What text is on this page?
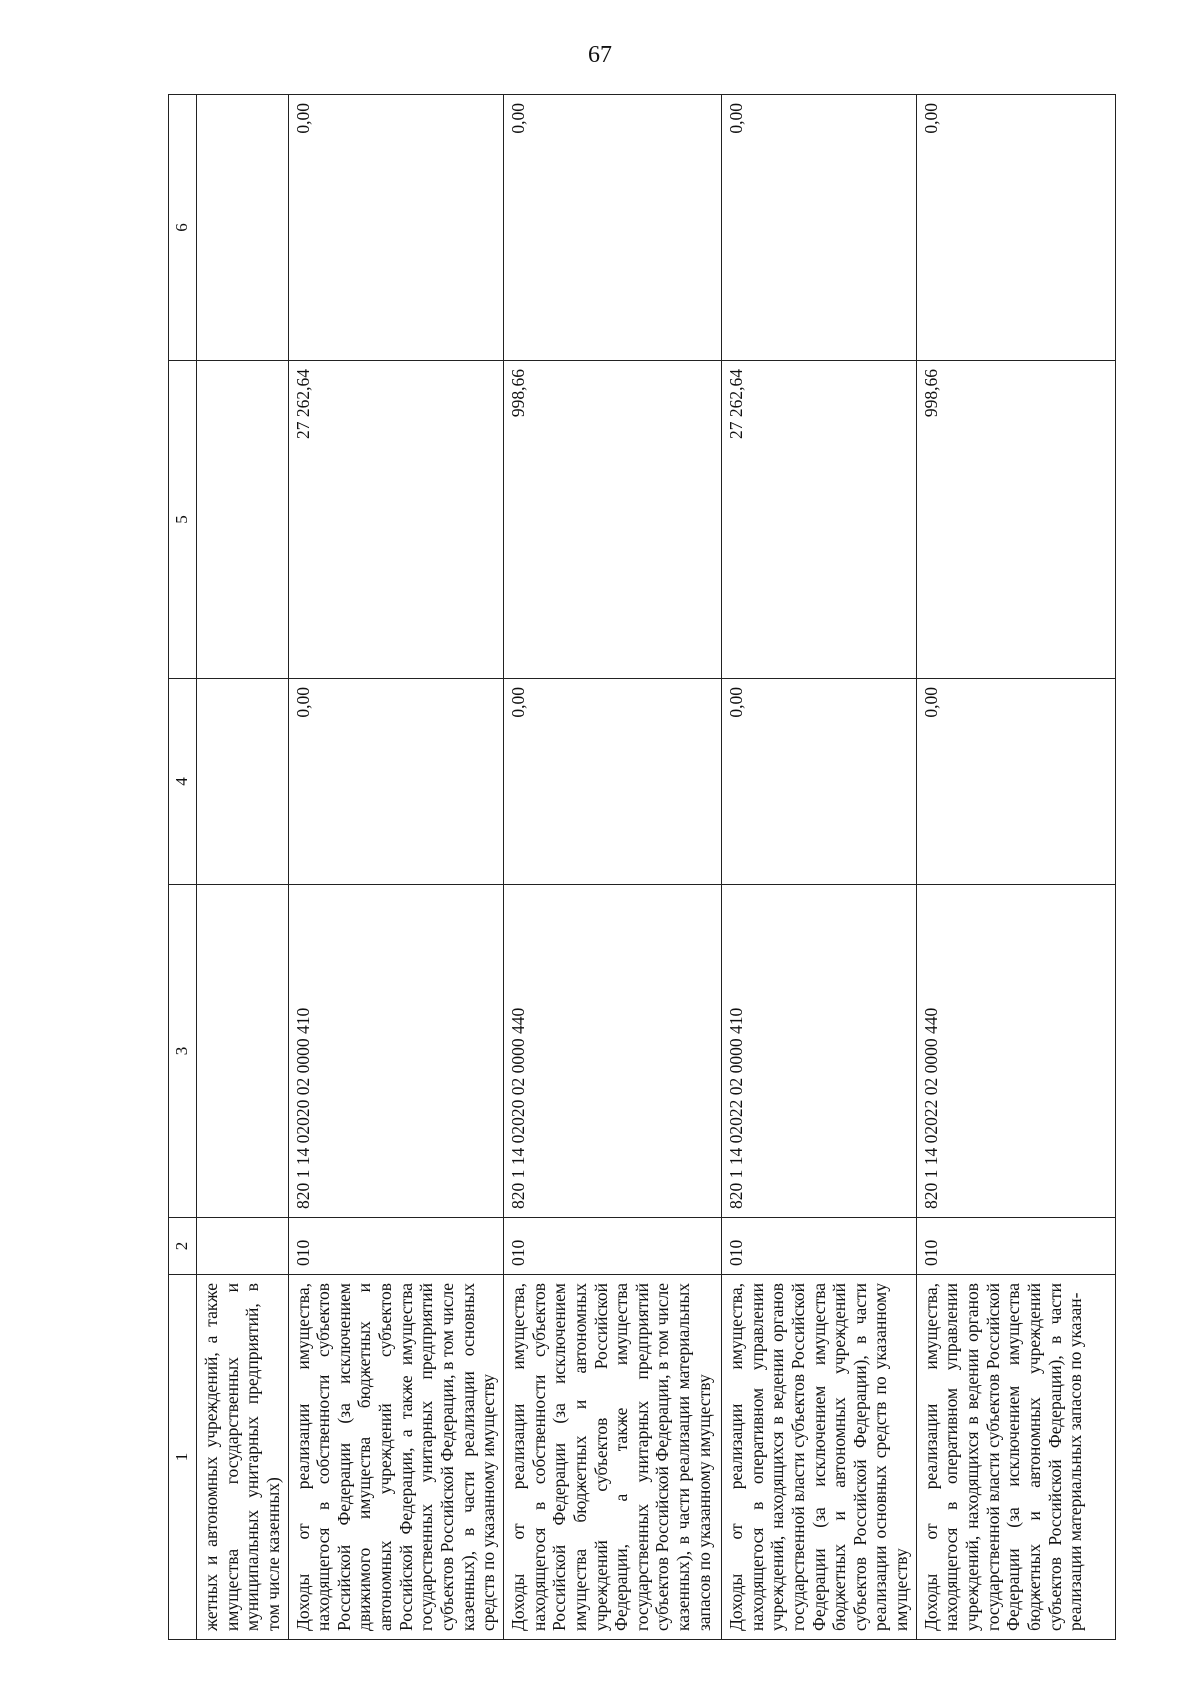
67
1	2	3	4	5	6
жетных и автономных учреждений, а также имущества государственных и муниципальных унитарных предприятий, в том числе казенных)					
Доходы от реализации имущества, находящегося в собственности субъектов Российской Федерации (за исключением движимого имущества бюджетных и автономных учреждений субъектов Российской Федерации, а также имущества государственных унитарных предприятий субъектов Российской Федерации, в том числе казенных), в части реализации основных средств по указанному имуществу	010	820 1 14 02020 02 0000 410	0,00	27 262,64	0,00
Доходы от реализации имущества, находящегося в собственности субъектов Российской Федерации (за исключением имущества бюджетных и автономных учреждений субъектов Российской Федерации, а также имущества государственных унитарных предприятий субъектов Российской Федерации, в том числе казенных), в части реализации материальных запасов по указанному имуществу	010	820 1 14 02020 02 0000 440	0,00	998,66	0,00
Доходы от реализации имущества, находящегося в оперативном управлении учреждений, находящихся в ведении органов государственной власти субъектов Российской Федерации (за исключением имущества бюджетных и автономных учреждений субъектов Российской Федерации), в части реализации основных средств по указанному имуществу	010	820 1 14 02022 02 0000 410	0,00	27 262,64	0,00
Доходы от реализации имущества, находящегося в оперативном управлении учреждений, находящихся в ведении органов государственной власти субъектов Российской Федерации (за исключением имущества бюджетных и автономных учреждений субъектов Российской Федерации), в части реализации материальных запасов по указан-	010	820 1 14 02022 02 0000 440	0,00	998,66	0,00
